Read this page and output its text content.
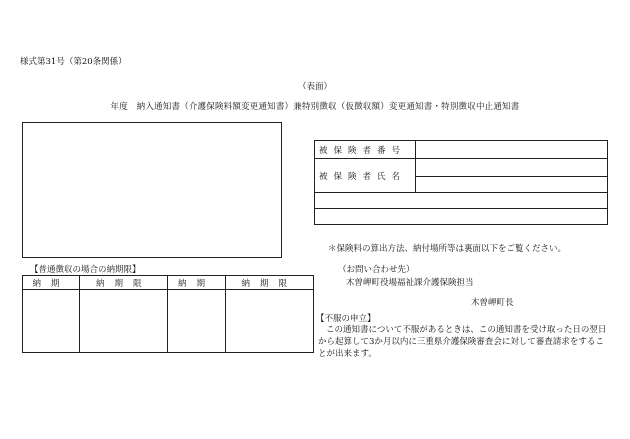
様式第31号（第20条関係）
（表面）
年度　納入通知書（介護保険料額変更通知書）兼特別徴収（仮徴収額）変更通知書・特別徴収中止通知書
被保険者番号	
被保険者氏名	

＊保険料の算出方法、納付場所等は裏面以下をご覧ください。
（お問い合わせ先）
木曽岬町役場福祉課介護保険担当
木曽岬町長
【普通徴収の場合の納期限】
納期	納期限	納期	納期限

【不服の申立】
この通知書について不服があるときは、この通知書を受け取った日の翌日から起算して3か月以内に三重県介護保険審査会に対して審査請求をすることが出来ます。
